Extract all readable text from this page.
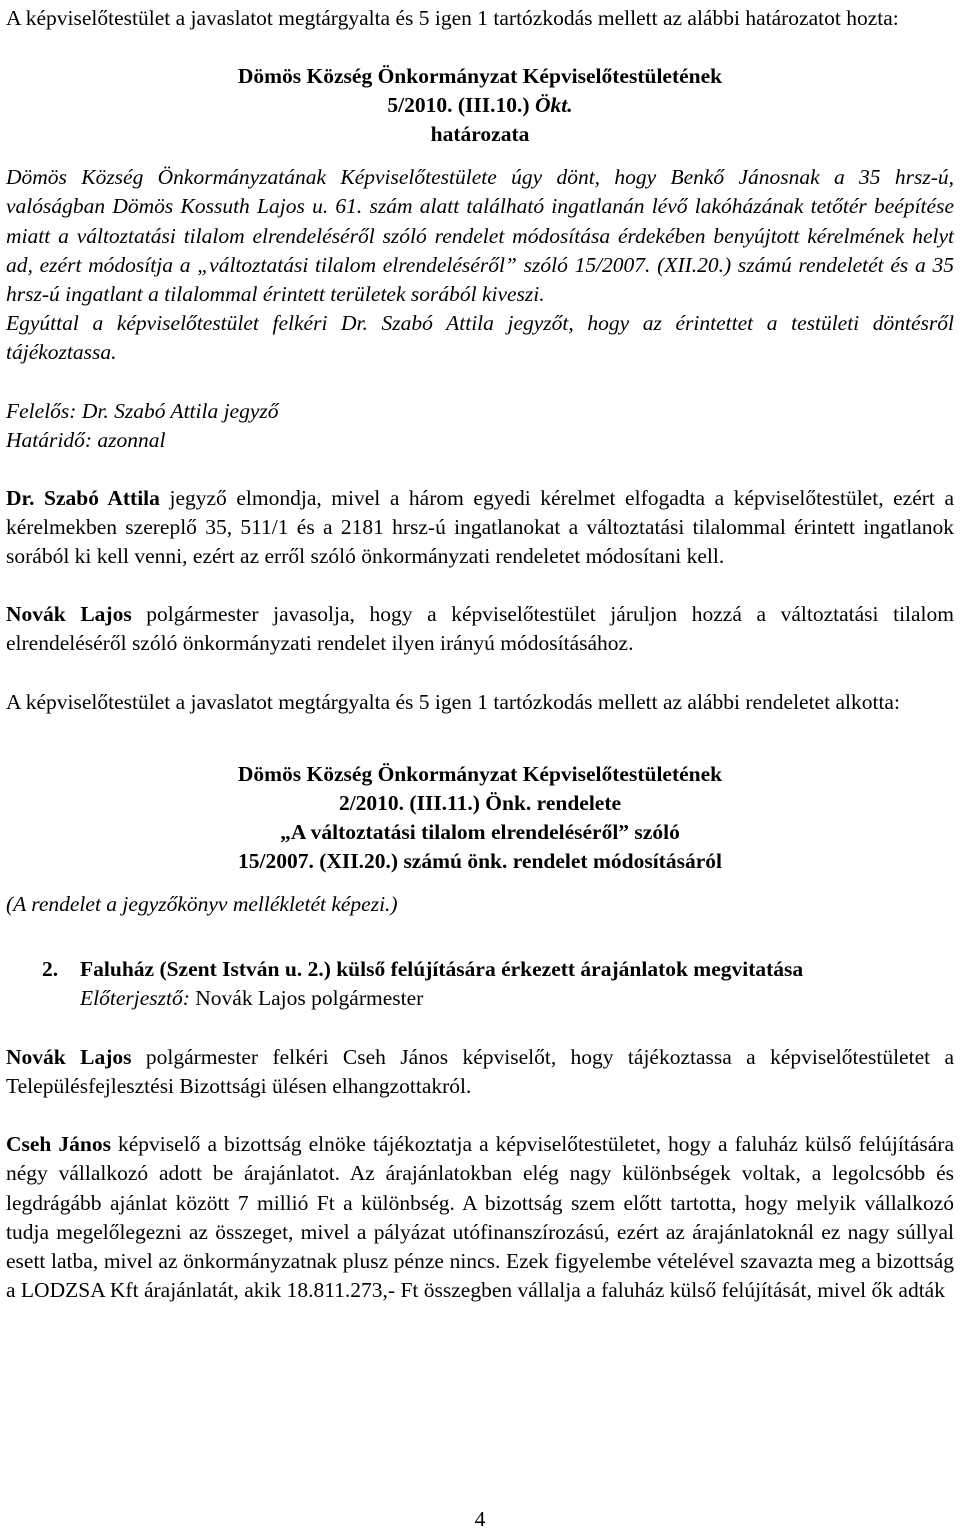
A képviselőtestület a javaslatot megtárgyalta és 5 igen 1 tartózkodás mellett az alábbi határozatot hozta:

Dömös Község Önkormányzat Képviselőtestületének
5/2010. (III.10.) Ökt.
határozata

Dömös Község Önkormányzatának Képviselőtestülete úgy dönt, hogy Benkő Jánosnak a 35 hrsz-ú, valóságban Dömös Kossuth Lajos u. 61. szám alatt található ingatlanán lévő lakóházának tetőtér beépítése miatt a változtatási tilalom elrendeléséről szóló rendelet módosítása érdekében benyújtott kérelmének helyt ad, ezért módosítja a „változtatási tilalom elrendeléséről” szóló 15/2007. (XII.20.) számú rendeletét és a 35 hrsz-ú ingatlant a tilalommal érintett területek sorából kiveszi.

Egyúttal a képviselőtestület felkéri Dr. Szabó Attila jegyzőt, hogy az érintettet a testületi döntésről tájékoztassa.

Felelős: Dr. Szabó Attila jegyző

Határidő: azonnal

Dr. Szabó Attila jegyző elmondja, mivel a három egyedi kérelmet elfogadta a képviselőtestület, ezért a kérelmekben szereplő 35, 511/1 és a 2181 hrsz-ú ingatlanokat a változtatási tilalommal érintett ingatlanok sorából ki kell venni, ezért az erről szóló önkormányzati rendeletet módosítani kell.

Novák Lajos polgármester javasolja, hogy a képviselőtestület járuljon hozzá a változtatási tilalom elrendeléséről szóló önkormányzati rendelet ilyen irányú módosításához.

A képviselőtestület a javaslatot megtárgyalta és 5 igen 1 tartózkodás mellett az alábbi rendeletet alkotta:

Dömös Község Önkormányzat Képviselőtestületének
2/2010. (III.11.) Önk. rendelete
„A változtatási tilalom elrendeléséről” szóló
15/2007. (XII.20.) számú önk. rendelet módosításáról

(A rendelet a jegyzőkönyv mellékletét képezi.)

2.	Faluház (Szent István u. 2.) külső felújítására érkezett árajánlatok megvitatása

Előterjesztő: Novák Lajos polgármester

Novák Lajos polgármester felkéri Cseh János képviselőt, hogy tájékoztassa a képviselőtestületet a Településfejlesztési Bizottsági ülésen elhangzottakról.

Cseh János képviselő a bizottság elnöke tájékoztatja a képviselőtestületet, hogy a faluház külső felújítására négy vállalkozó adott be árajánlatot. Az árajánlatokban elég nagy különbségek voltak, a legolcsóbb és legdrágább ajánlat között 7 millió Ft a különbség. A bizottság szem előtt tartotta, hogy melyik vállalkozó tudja megelőlegezni az összeget, mivel a pályázat utófinanszírozású, ezért az árajánlatoknál ez nagy súllyal esett latba, mivel az önkormányzatnak plusz pénze nincs. Ezek figyelembe vételével szavazta meg a bizottság a LODZSA Kft árajánlatát, akik 18.811.273,- Ft összegben vállalja a faluház külső felújítását, mivel ők adták

4
